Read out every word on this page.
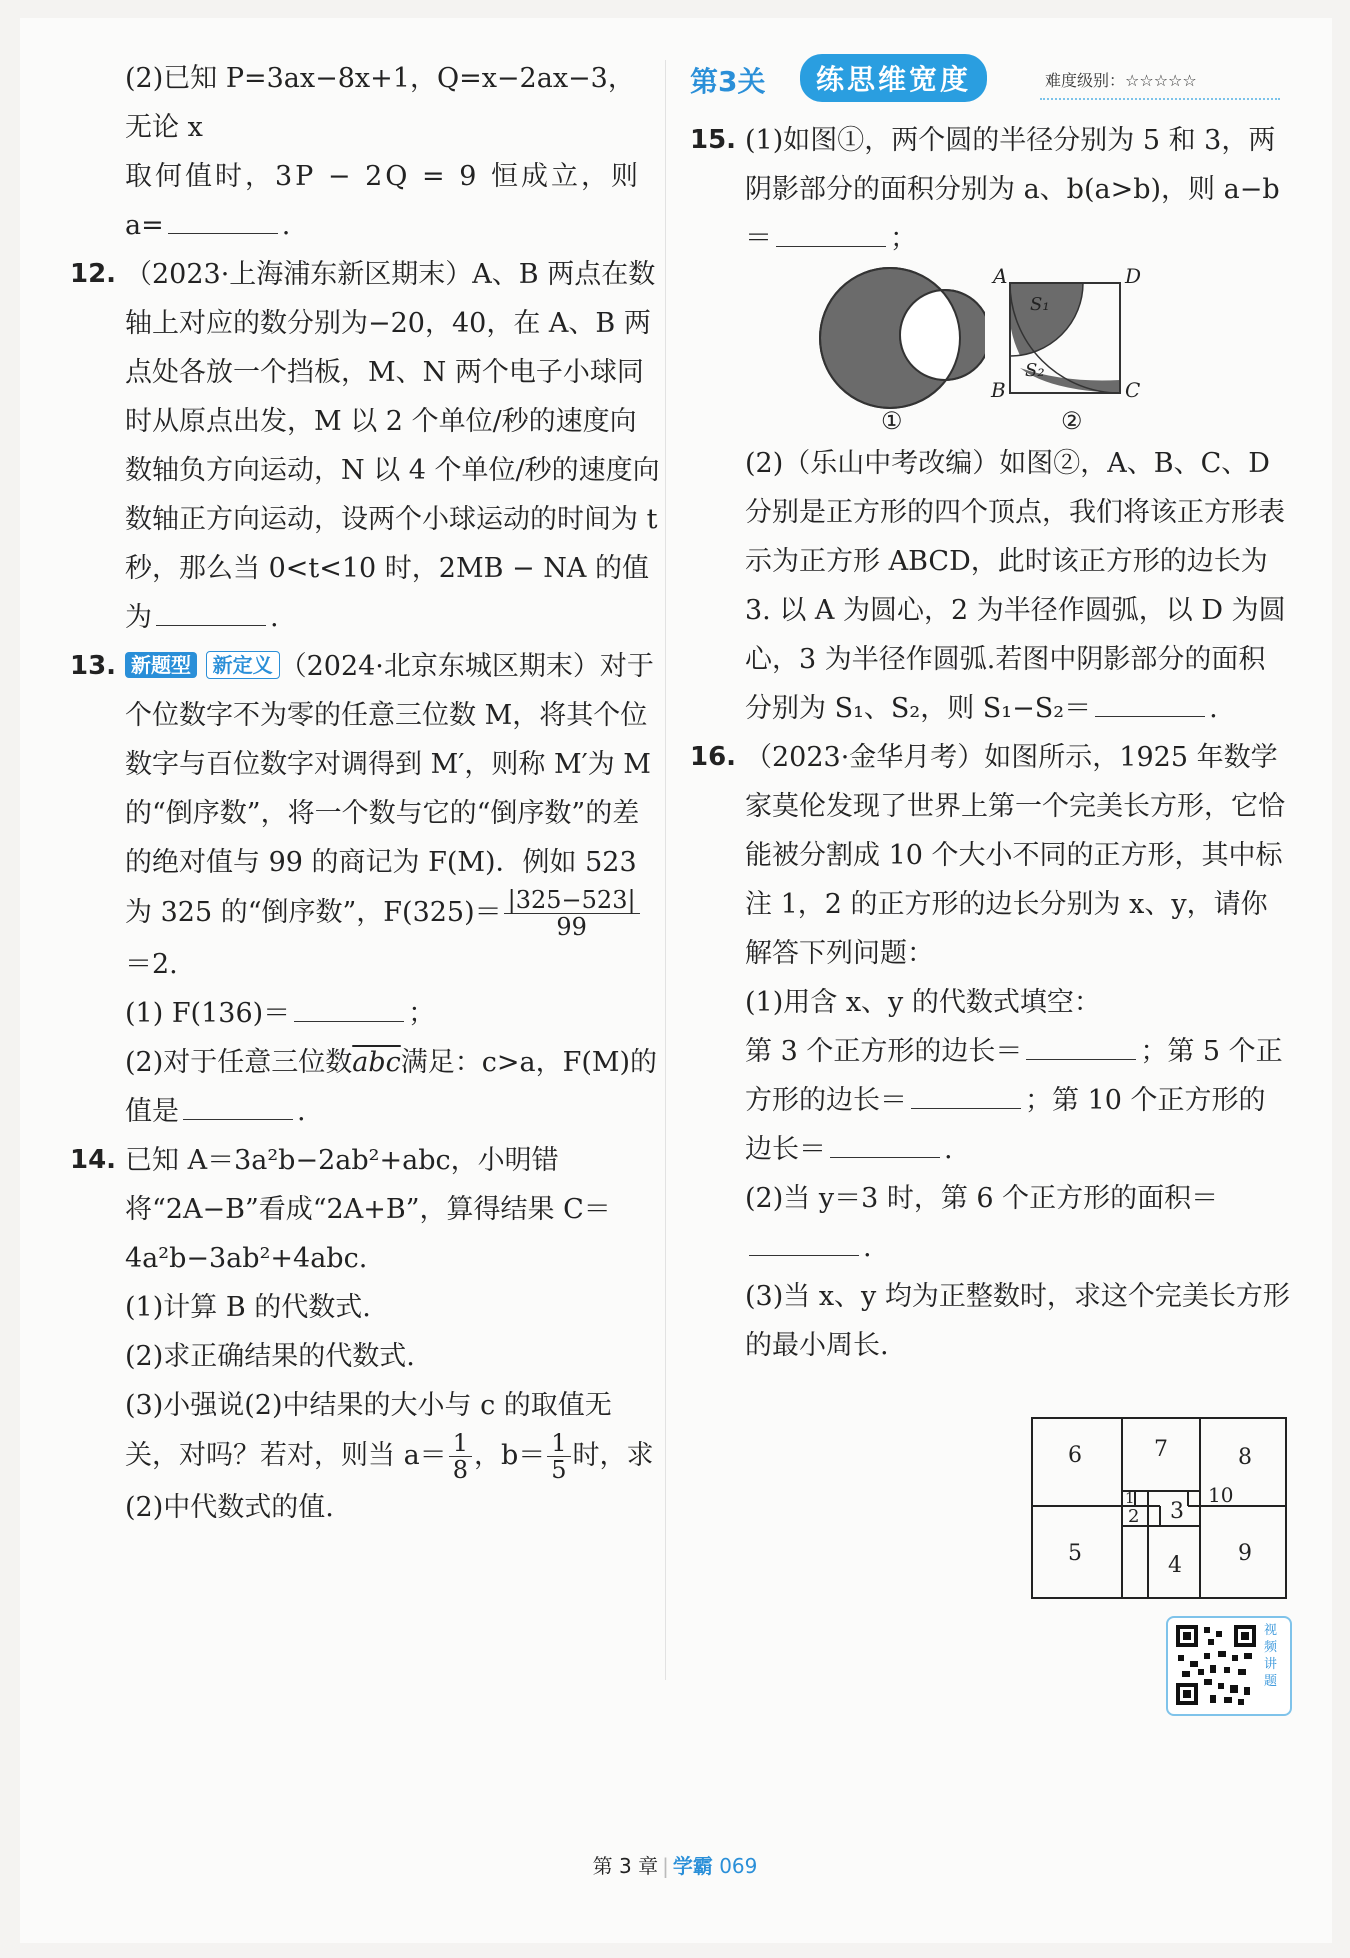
(2)已知 P=3ax−8x+1，Q=x−2ax−3，无论 x

取何值时，3P − 2Q = 9 恒成立，则

a=	.

12. （2023·上海浦东新区期末）A、B 两点在数轴上对应的数分别为−20，40，在 A、B 两点处各放一个挡板，M、N 两个电子小球同时从原点出发，M 以 2 个单位/秒的速度向数轴负方向运动，N 以 4 个单位/秒的速度向数轴正方向运动，设两个小球运动的时间为 t 秒，那么当 0<t<10 时，2MB − NA 的值为	.

13. 新题型 新定义 （2024·北京东城区期末）对于个位数字不为零的任意三位数 M，将其个位数字与百位数字对调得到 M′，则称 M′为 M 的“倒序数”，将一个数与它的“倒序数”的差的绝对值与 99 的商记为 F(M)．例如 523 为 325 的“倒序数”，$F(325)= \frac{|325-523|}{99}$
＝2.

(1) F(136)＝	；

(2)对于任意三位数$\overline{abc}$满足：c>a，F(M)的值是	.

14. 已知 A＝3a²b−2ab²+abc，小明错将“2A−B”看成“2A+B”，算得结果 C＝4a²b−3ab²+4abc.

(1)计算 B 的代数式.

(2)求正确结果的代数式.

(3)小强说(2)中结果的大小与 c 的取值无关，对吗？若对，则当 $a= \frac{1}{8}$ ，$b= \frac{1}{5}$ 时，求(2)中代数式的值.

第3关	练思维宽度	难度级别：☆☆☆☆☆
15. (1)如图①，两个圆的半径分别为 5 和 3，两阴影部分的面积分别为 a、b(a>b)，则 a−b＝	；

①
A	D
B	C
S₁
S₂
②

(2)（乐山中考改编）如图②，A、B、C、D 分别是正方形的四个顶点，我们将该正方形表示为正方形 ABCD，此时该正方形的边长为 3. 以 A 为圆心，2 为半径作圆弧，以 D 为圆心，3 为半径作圆弧.若图中阴影部分的面积分别为 S₁、S₂，则 S₁−S₂＝	.

16. （2023·金华月考）如图所示，1925 年数学家莫伦发现了世界上第一个完美长方形，它恰能被分割成 10 个大小不同的正方形，其中标注 1，2 的正方形的边长分别为 x、y，请你解答下列问题：

(1)用含 x、y 的代数式填空：

第 3 个正方形的边长＝	；第 5 个正方形的边长＝	；第 10 个正方形的边长＝	.

(2)当 y＝3 时，第 6 个正方形的面积＝.

(3)当 x、y 均为正整数时，求这个完美长方形的最小周长.

6	7	8
1
2 3
10
5	4	9
视频讲题
第 3 章 | 学霸 069
